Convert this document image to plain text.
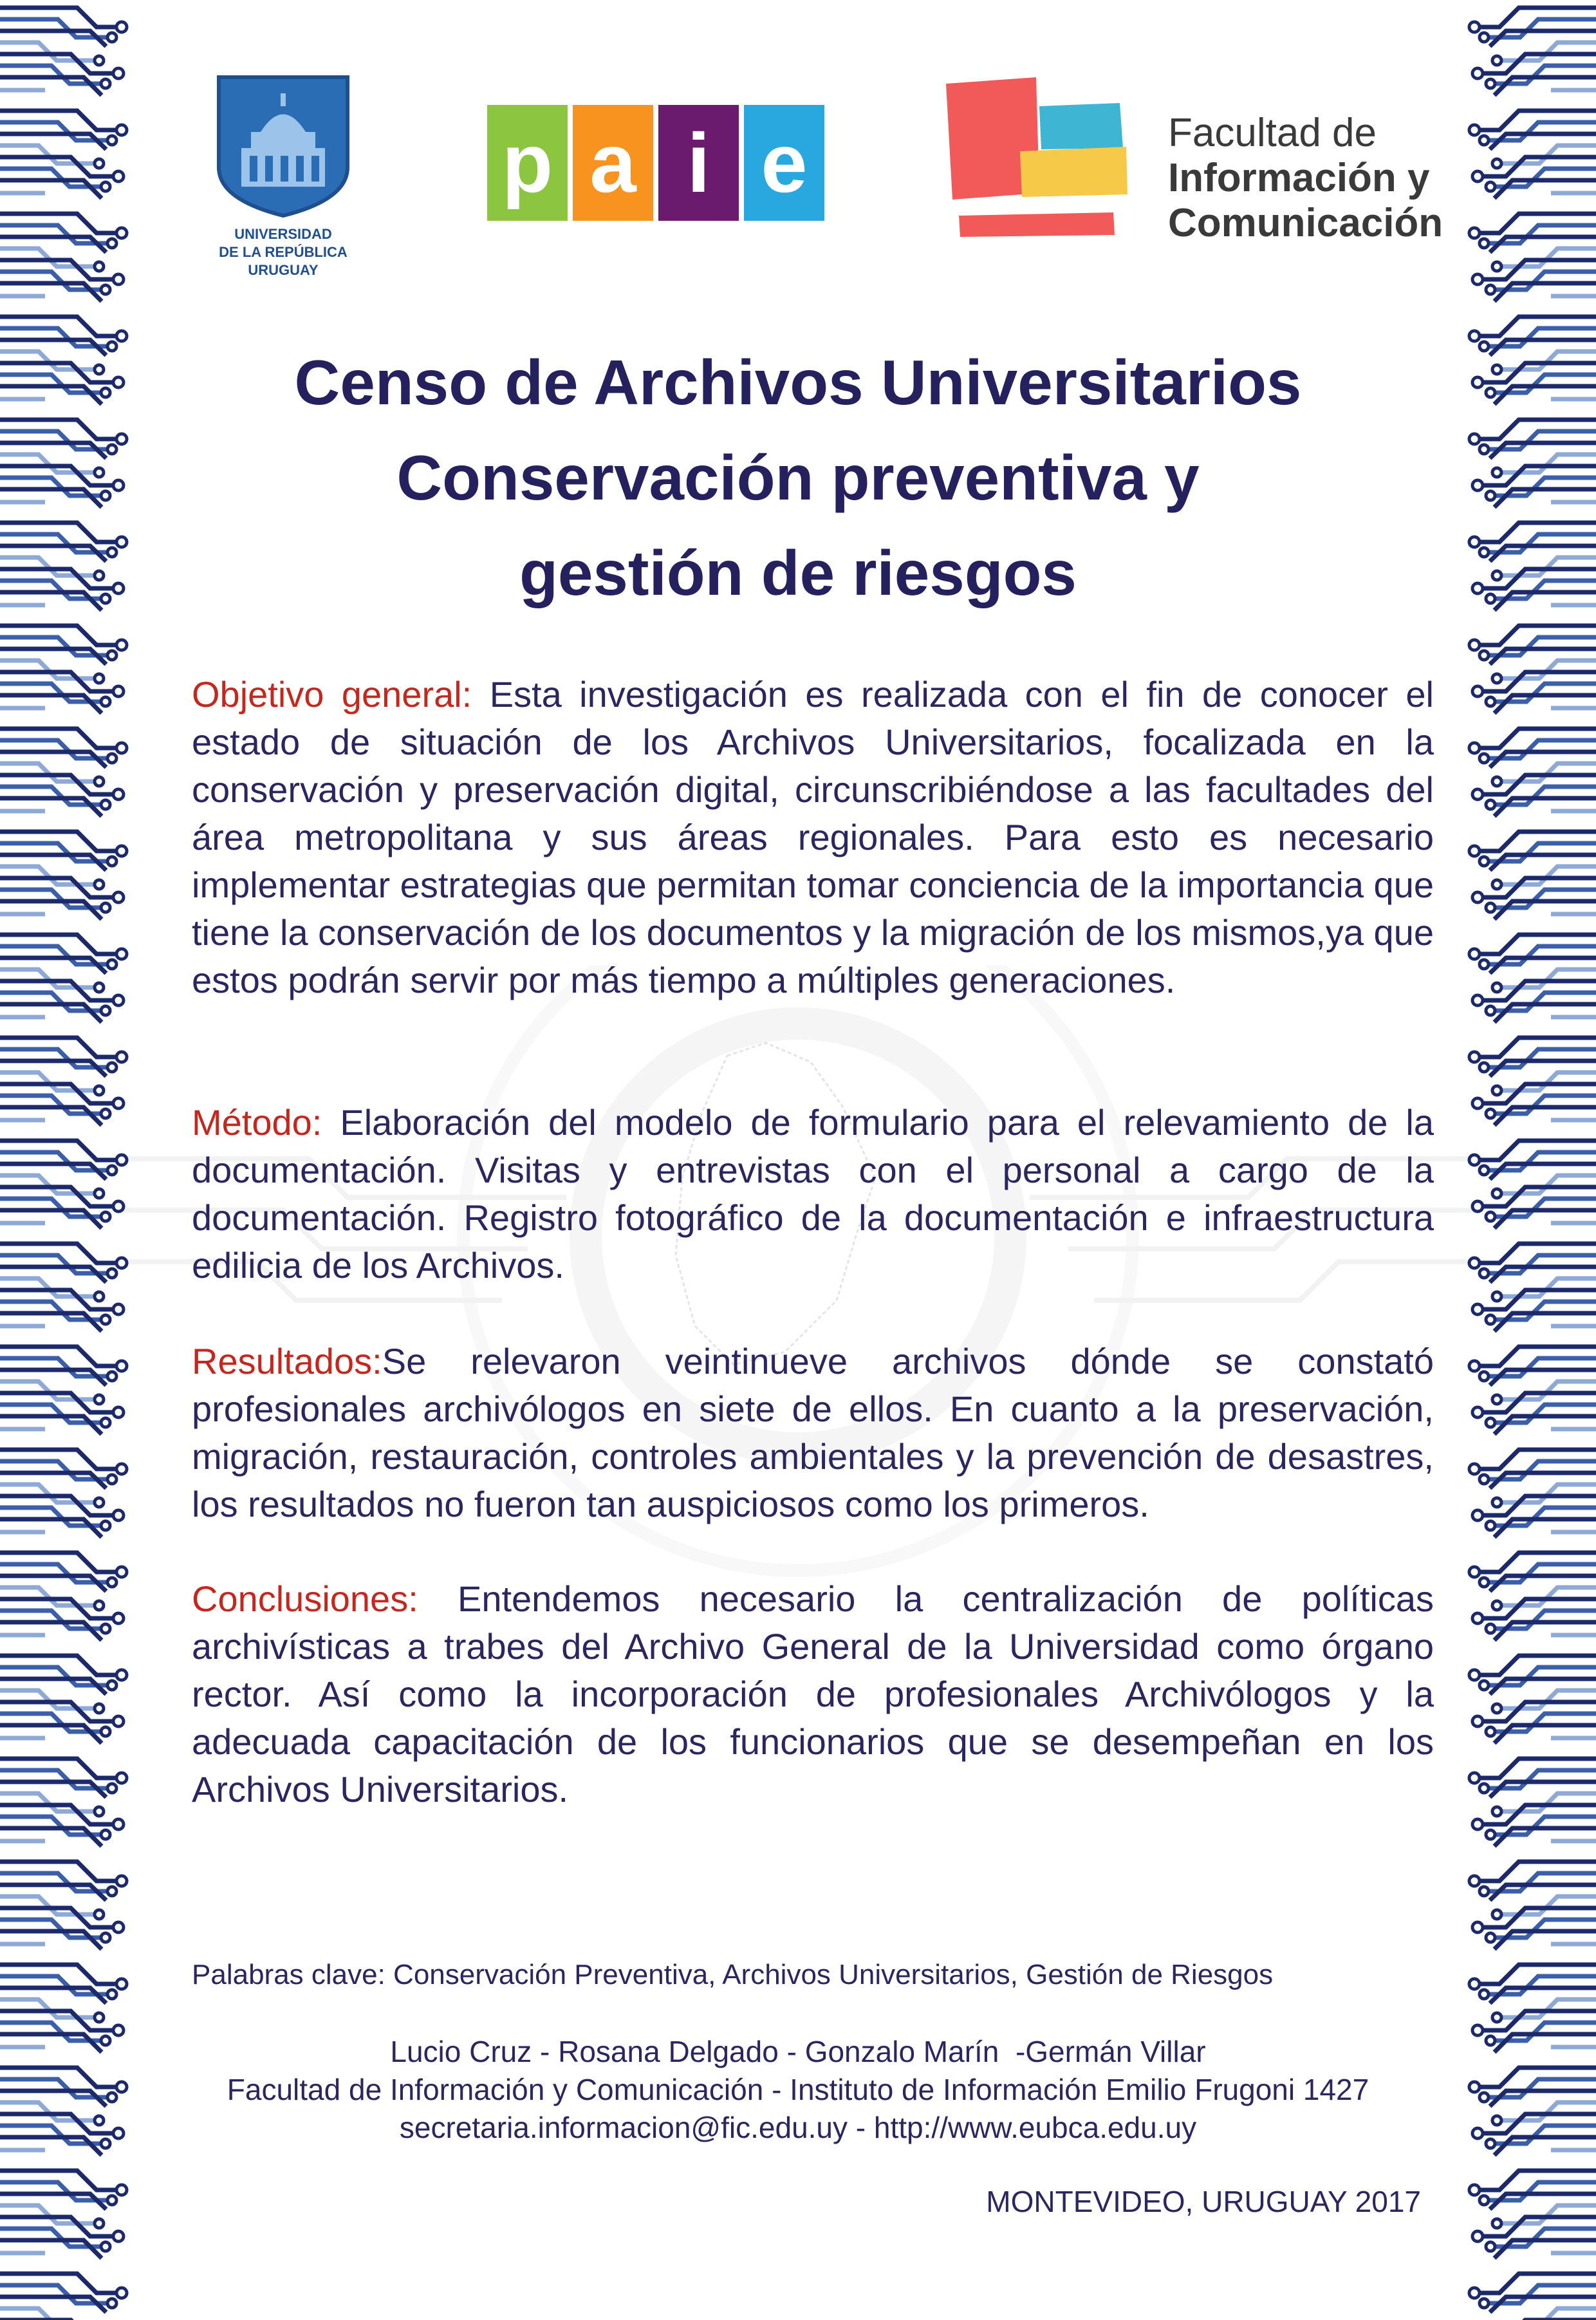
UNIVERSIDAD
DE LA REPÚBLICA
URUGUAY
p a i e	Facultad de
Información y
Comunicación
Censo de Archivos Universitarios
Conservación preventiva y
gestión de riesgos

Objetivo general: Esta investigación es realizada con el fin de conocer el estado de situación de los Archivos Universitarios, focalizada en la conservación y preservación digital, circunscribiéndose a las facultades del área metropolitana y sus áreas regionales. Para esto es necesario implementar estrategias que permitan tomar conciencia de la importancia que tiene la conservación de los documentos y la migración de los mismos,ya que estos podrán servir por más tiempo a múltiples generaciones.

Método: Elaboración del modelo de formulario para el relevamiento de la documentación. Visitas y entrevistas con el personal a cargo de la documentación. Registro fotográfico de la documentación e infraestructura edilicia de los Archivos.

Resultados:Se relevaron veintinueve archivos dónde se constató profesionales archivólogos en siete de ellos. En cuanto a la preservación, migración, restauración, controles ambientales y la prevención de desastres, los resultados no fueron tan auspiciosos como los primeros.

Conclusiones: Entendemos necesario la centralización de políticas archivísticas a trabes del Archivo General de la Universidad como órgano rector. Así como la incorporación de profesionales Archivólogos y la adecuada capacitación de los funcionarios que se desempeñan en los Archivos Universitarios.

Palabras clave: Conservación Preventiva, Archivos Universitarios, Gestión de Riesgos
Lucio Cruz - Rosana Delgado - Gonzalo Marín  -Germán Villar
Facultad de Información y Comunicación - Instituto de Información Emilio Frugoni 1427
secretaria.informacion@fic.edu.uy - http://www.eubca.edu.uy
MONTEVIDEO, URUGUAY 2017
